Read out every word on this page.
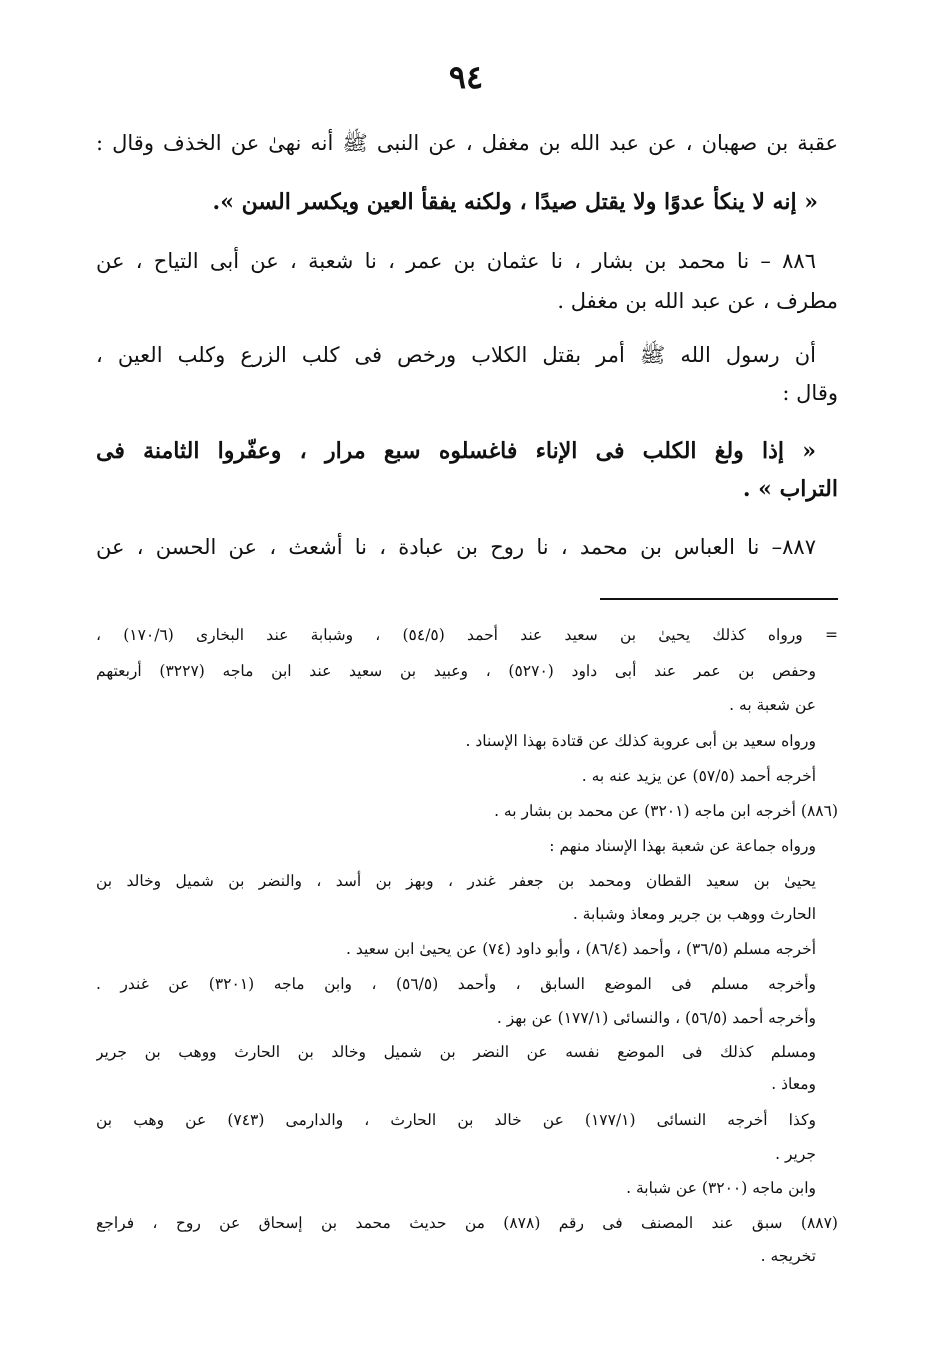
٩٤
عقبة بن صهبان ، عن عبد الله بن مغفل ، عن النبى ﷺ أنه نهىٰ عن الخذف وقال :
« إنه لا ينكأ عدوًا ولا يقتل صيدًا ، ولكنه يفقأ العين ويكسر السن ».
٨٨٦ – نا محمد بن بشار ، نا عثمان بن عمر ، نا شعبة ، عن أبى التياح ، عن
مطرف ، عن عبد الله بن مغفل .
أن رسول الله ﷺ أمر بقتل الكلاب ورخص فى كلب الزرع وكلب العين ،
وقال :
« إذا ولغ الكلب فى الإناء فاغسلوه سبع مرار ، وعفّروا الثامنة فى
التراب » .
٨٨٧– نا العباس بن محمد ، نا روح بن عبادة ، نا أشعث ، عن الحسن ، عن
= ورواه كذلك يحيىٰ بن سعيد عند أحمد (٥٤/٥) ، وشبابة عند البخارى (١٧٠/٦) ،
وحفص بن عمر عند أبى داود (٥٢٧٠) ، وعبيد بن سعيد عند ابن ماجه (٣٢٢٧) أربعتهم
عن شعبة به .
ورواه سعيد بن أبى عروبة كذلك عن قتادة بهذا الإسناد .
أخرجه أحمد (٥٧/٥) عن يزيد عنه به .
(٨٨٦) أخرجه ابن ماجه (٣٢٠١) عن محمد بن بشار به .
ورواه جماعة عن شعبة بهذا الإسناد منهم :
يحيىٰ بن سعيد القطان ومحمد بن جعفر غندر ، وبهز بن أسد ، والنضر بن شميل وخالد بن
الحارث ووهب بن جرير ومعاذ وشبابة .
أخرجه مسلم (٣٦/٥) ، وأحمد (٨٦/٤) ، وأبو داود (٧٤) عن يحيىٰ ابن سعيد .
وأخرجه مسلم فى الموضع السابق ، وأحمد (٥٦/٥) ، وابن ماجه (٣٢٠١) عن غندر .
وأخرجه أحمد (٥٦/٥) ، والنسائى (١٧٧/١) عن بهز .
ومسلم كذلك فى الموضع نفسه عن النضر بن شميل وخالد بن الحارث ووهب بن جرير
ومعاذ .
وكذا أخرجه النسائى (١٧٧/١) عن خالد بن الحارث ، والدارمى (٧٤٣) عن وهب بن
جرير .
وابن ماجه (٣٢٠٠) عن شبابة .
(٨٨٧) سبق عند المصنف فى رقم (٨٧٨) من حديث محمد بن إسحاق عن روح ، فراجع
تخريجه .
